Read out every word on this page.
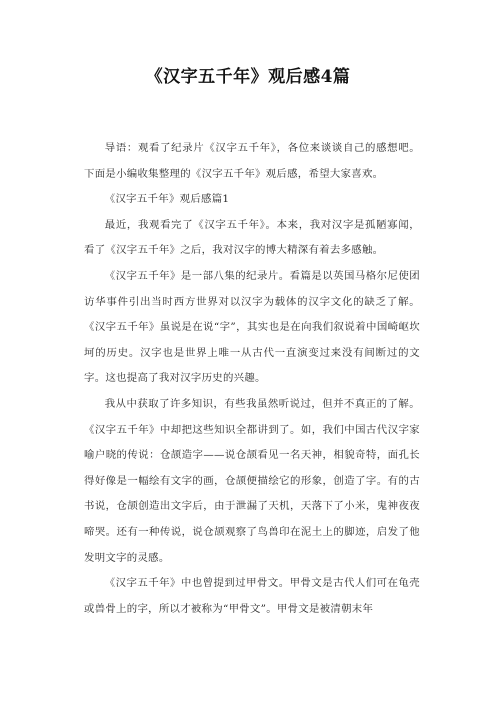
《汉字五千年》观后感4篇

导语：观看了纪录片《汉字五千年》，各位来谈谈自己的感想吧。下面是小编收集整理的《汉字五千年》观后感，希望大家喜欢。

《汉字五千年》观后感篇1

最近，我观看完了《汉字五千年》。本来，我对汉字是孤陋寡闻，看了《汉字五千年》之后，我对汉字的博大精深有着去多感触。

《汉字五千年》是一部八集的纪录片。看篇是以英国马格尔尼使团访华事件引出当时西方世界对以汉字为载体的汉字文化的缺乏了解。《汉字五千年》虽说是在说“字”，其实也是在向我们叙说着中国崎岖坎坷的历史。汉字也是世界上唯一从古代一直演变过来没有间断过的文字。这也提高了我对汉字历史的兴趣。

我从中获取了许多知识，有些我虽然听说过，但并不真正的了解。《汉字五千年》中却把这些知识全都讲到了。如，我们中国古代汉字家喻户晓的传说：仓颉造字——说仓颉看见一名天神，相貌奇特，面孔长得好像是一幅绘有文字的画，仓颉便描绘它的形象，创造了字。有的古书说，仓颉创造出文字后，由于泄漏了天机，天落下了小米，鬼神夜夜啼哭。还有一种传说，说仓颉观察了鸟兽印在泥土上的脚迹，启发了他发明文字的灵感。

《汉字五千年》中也曾提到过甲骨文。甲骨文是古代人们可在龟壳或兽骨上的字，所以才被称为“甲骨文”。甲骨文是被清朝末年
